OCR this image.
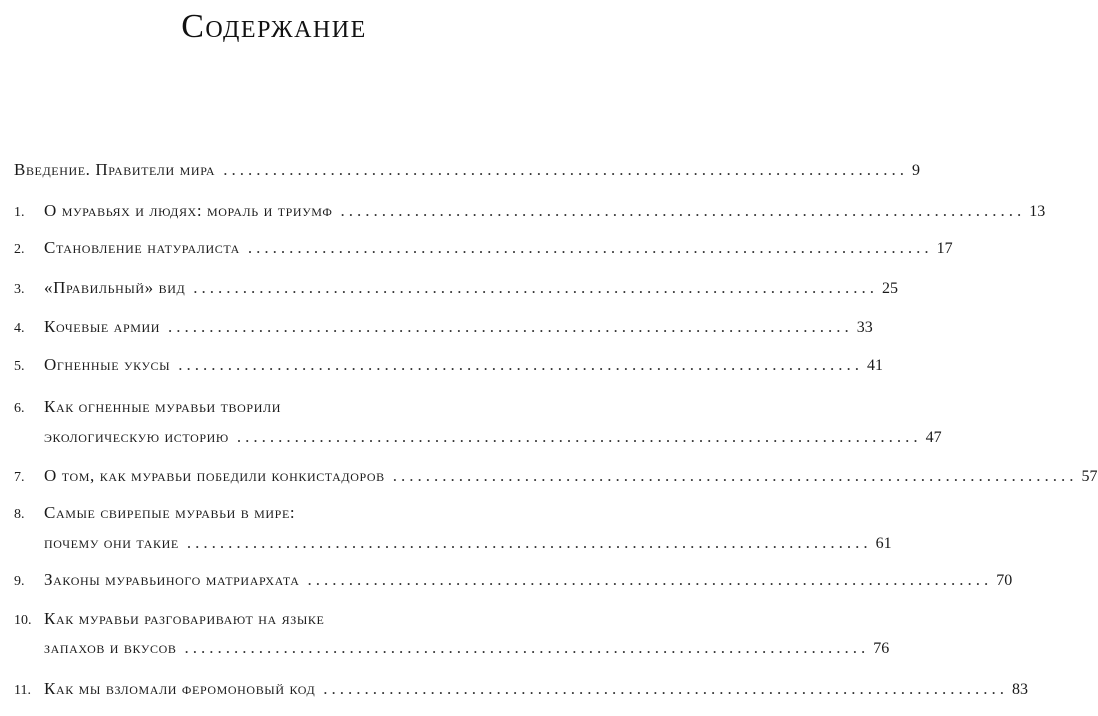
Содержание
Введение. Правители мира ................................................................................... 9
1.	О муравьях и людях: мораль и триумф ................................................................................... 13
2.	Становление натуралиста ................................................................................... 17
3.	«Правильный» вид ................................................................................... 25
4.	Кочевые армии ................................................................................... 33
5.	Огненные укусы ................................................................................... 41
6.	Как огненные муравьи творили
экологическую историю ................................................................................... 47
7.	О том, как муравьи победили конкистадоров ................................................................................... 57
8.	Самые свирепые муравьи в мире:
почему они такие ................................................................................... 61
9.	Законы муравьиного матриархата ................................................................................... 70
10. Как муравьи разговаривают на языке
запахов и вкусов ................................................................................... 76
11. Как мы взломали феромоновый код ................................................................................... 83
